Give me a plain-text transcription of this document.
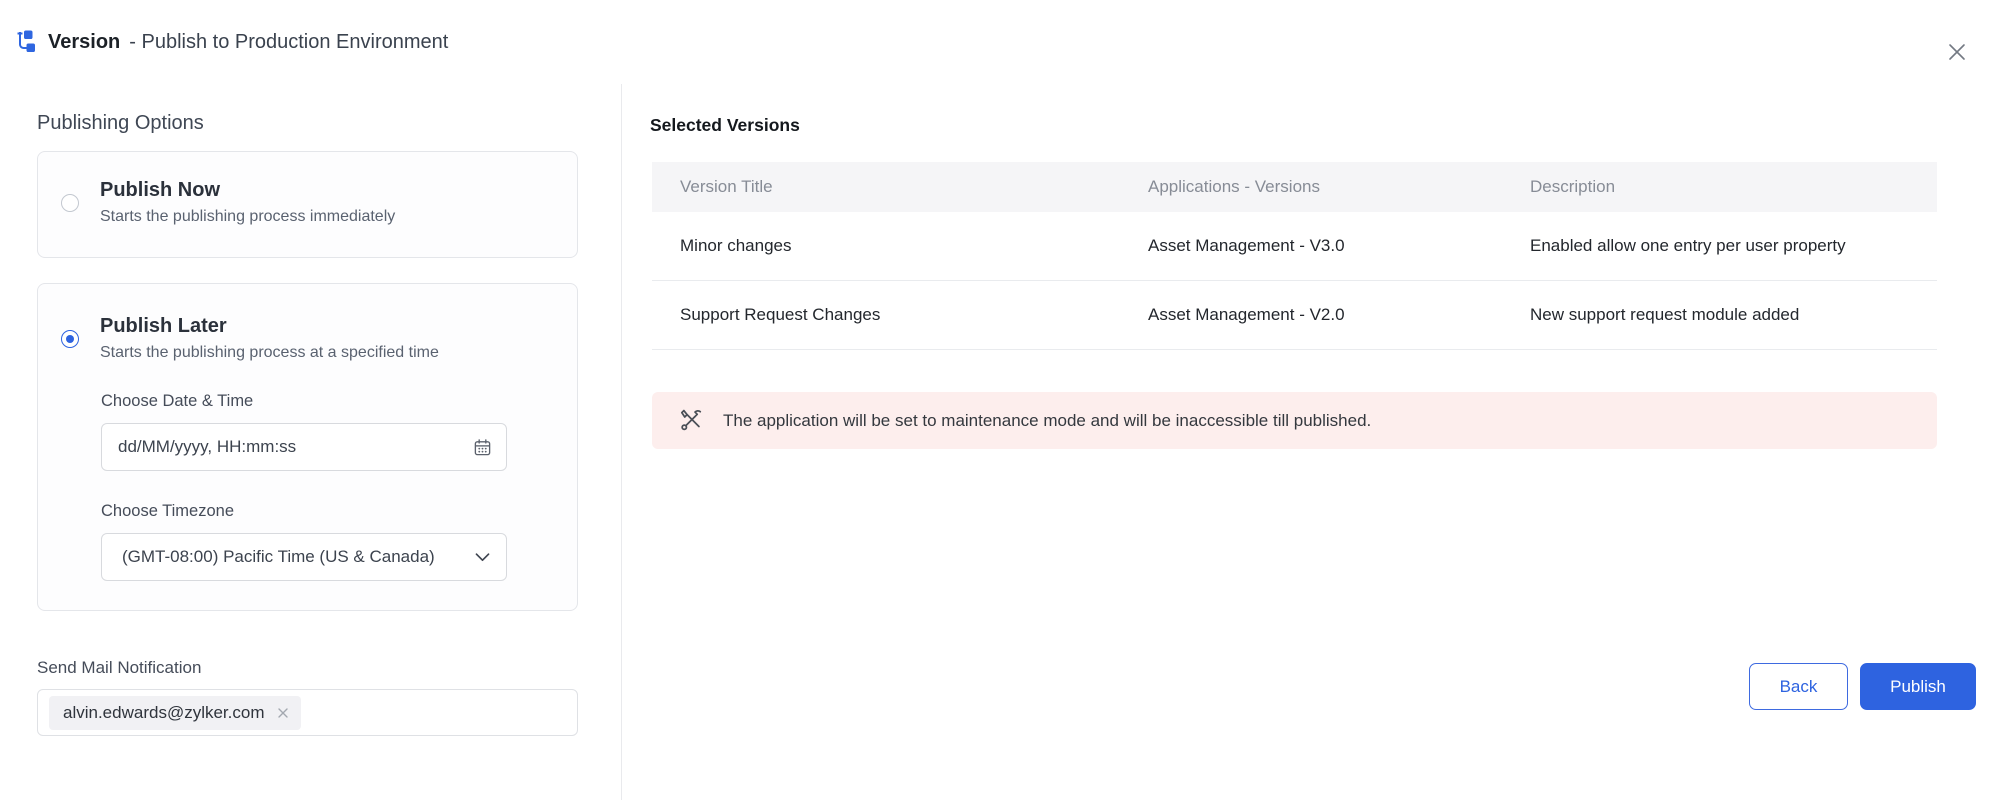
Version - Publish to Production Environment
Publishing Options
Publish Now
Starts the publishing process immediately
Publish Later
Starts the publishing process at a specified time
Choose Date & Time
dd/MM/yyyy, HH:mm:ss
Choose Timezone
(GMT-08:00) Pacific Time (US & Canada)
Send Mail Notification
alvin.edwards@zylker.com
Selected Versions
Version Title	Applications - Versions	Description
Minor changes	Asset Management - V3.0	Enabled allow one entry per user property
Support Request Changes	Asset Management - V2.0	New support request module added
The application will be set to maintenance mode and will be inaccessible till published.
Back	Publish
